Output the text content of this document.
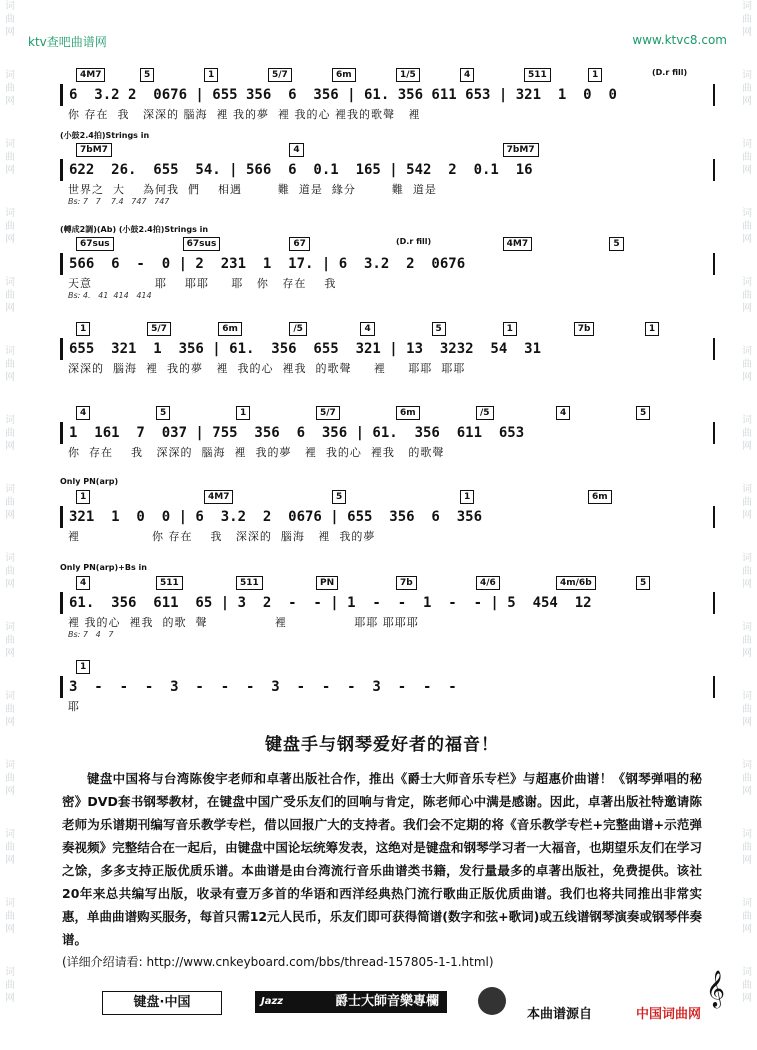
ktv查吧曲谱网	www.ktvc8.com
词曲网
词曲网
词曲网
词曲网
词曲网
词曲网
词曲网
词曲网
词曲网
词曲网
词曲网
词曲网
词曲网
词曲网
词曲网
词曲网
词曲网
词曲网
词曲网
词曲网
词曲网
词曲网
词曲网
词曲网
词曲网
词曲网
词曲网
词曲网
词曲网
词曲网
4M7	5	1	5/7	6m	1/5	4	511	1	(D.r fill)
6  3.2 2  0676 | 655 356  6  356 | 61. 356 611 653 | 321  1  0  0
你 存在  我   深深的 腦海  裡 我的夢  裡 我的心 裡我的歌聲   裡
(小鼓2.4拍)Strings in
7bM7	4	7bM7
622  26.  655  54. | 566  6  0.1  165 | 542  2  0.1  16
世界之  大    為何我  們    相遇        難  道是  緣分        難  道是
Bs: 7   7    7.4   747   747
(轉成2調)(Ab) (小鼓2.4拍)Strings in
67sus	67sus	67	(D.r fill)	4M7	5
566  6  -  0 | 2  231  1  17. | 6  3.2  2  0676
天意              耶    耶耶     耶   你   存在    我
Bs: 4.   41  414   414
1	5/7	6m	/5	4	5	1	7b	1
655  321  1  356 | 61.  356  655  321 | 13  3232  54  31
深深的  腦海  裡  我的夢   裡  我的心  裡我  的歌聲     裡     耶耶  耶耶
4	5	1	5/7	6m	/5	4	5
1  161  7  037 | 755  356  6  356 | 61.  356  611  653
你  存在    我   深深的  腦海  裡  我的夢   裡  我的心  裡我   的歌聲
Only PN(arp)
1	4M7	5	1	6m
321  1  0  0 | 6  3.2  2  0676 | 655  356  6  356
裡                你 存在    我   深深的  腦海   裡  我的夢
Only PN(arp)+Bs in
4	511	511	PN	7b	4/6	4m/6b	5
61.  356  611  65 | 3  2  -  - | 1  -  -  1  -  - | 5  454  12
裡 我的心  裡我  的歌  聲               裡               耶耶 耶耶耶
Bs: 7   4   7
1
3  -  -  -  3  -  -  -  3  -  -  -  3  -  -  -
耶
键盘手与钢琴爱好者的福音！

键盘中国将与台湾陈俊宇老师和卓著出版社合作，推出《爵士大师音乐专栏》与超惠价曲谱！《钢琴弹唱的秘密》DVD套书钢琴教材，在键盘中国广受乐友们的回响与肯定，陈老师心中满是感谢。因此，卓著出版社特邀请陈老师为乐谱期刊编写音乐教学专栏，借以回报广大的支持者。我们会不定期的将《音乐教学专栏+完整曲谱+示范弹奏视频》完整结合在一起后，由键盘中国论坛统筹发表，这绝对是键盘和钢琴学习者一大福音，也期望乐友们在学习之馀，多多支持正版优质乐谱。本曲谱是由台湾流行音乐曲谱类书籍，发行量最多的卓著出版社，免费提供。该社20年来总共编写出版，收录有壹万多首的华语和西洋经典热门流行歌曲正版优质曲谱。我们也将共同推出非常实惠，单曲曲谱购买服务，每首只需12元人民币，乐友们即可获得简谱(数字和弦+歌词)或五线谱钢琴演奏或钢琴伴奏谱。

(详细介绍请看: http://www.cnkeyboard.com/bbs/thread-157805-1-1.html)

键盘·中国	Jazz	爵士大師音樂專欄
本曲谱源自	中国词曲网
𝄞
